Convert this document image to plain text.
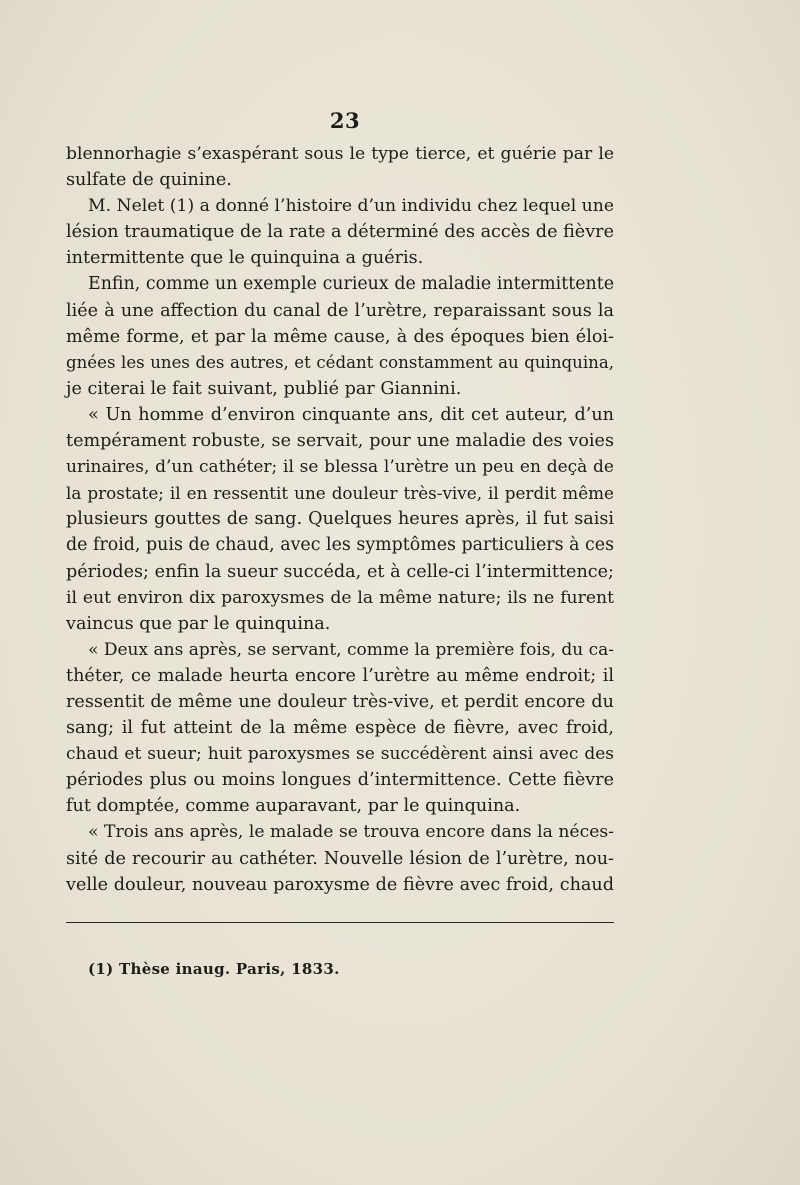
23
blennorhagie s’exaspérant sous le type tierce, et guérie par le
sulfate de quinine.
M. Nelet (1) a donné l’histoire d’un individu chez lequel une
lésion traumatique de la rate a déterminé des accès de fièvre
intermittente que le quinquina a guéris.
Enfin, comme un exemple curieux de maladie intermittente
liée à une affection du canal de l’urètre, reparaissant sous la
même forme, et par la même cause, à des époques bien éloi-
gnées les unes des autres, et cédant constamment au quinquina,
je citerai le fait suivant, publié par Giannini.
« Un homme d’environ cinquante ans, dit cet auteur, d’un
tempérament robuste, se servait, pour une maladie des voies
urinaires, d’un cathéter; il se blessa l’urètre un peu en deçà de
la prostate; il en ressentit une douleur très-vive, il perdit même
plusieurs gouttes de sang. Quelques heures après, il fut saisi
de froid, puis de chaud, avec les symptômes particuliers à ces
périodes; enfin la sueur succéda, et à celle-ci l’intermittence;
il eut environ dix paroxysmes de la même nature; ils ne furent
vaincus que par le quinquina.
« Deux ans après, se servant, comme la première fois, du ca-
théter, ce malade heurta encore l’urètre au même endroit; il
ressentit de même une douleur très-vive, et perdit encore du
sang; il fut atteint de la même espèce de fièvre, avec froid,
chaud et sueur; huit paroxysmes se succédèrent ainsi avec des
périodes plus ou moins longues d’intermittence. Cette fièvre
fut domptée, comme auparavant, par le quinquina.
« Trois ans après, le malade se trouva encore dans la néces-
sité de recourir au cathéter. Nouvelle lésion de l’urètre, nou-
velle douleur, nouveau paroxysme de fièvre avec froid, chaud
(1) Thèse inaug. Paris, 1833.
